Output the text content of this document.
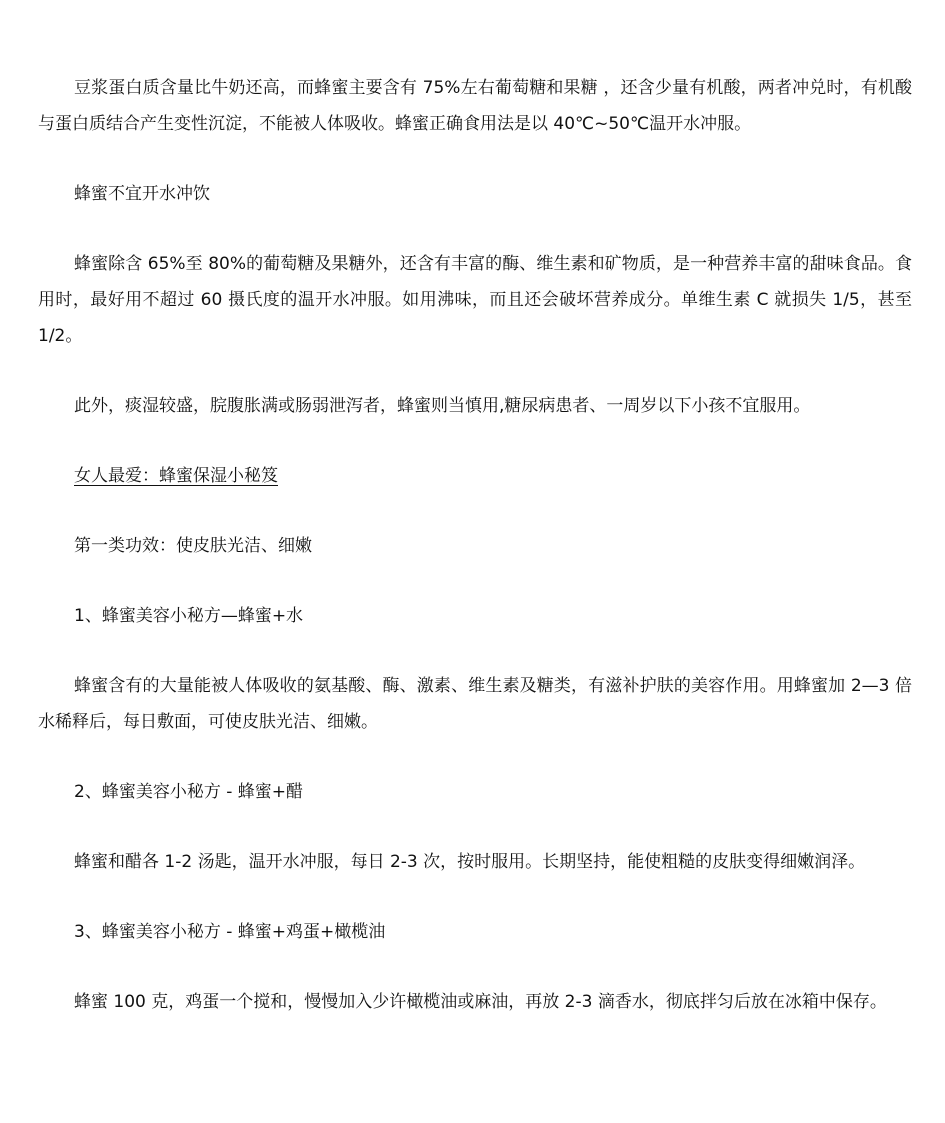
豆浆蛋白质含量比牛奶还高，而蜂蜜主要含有 75%左右葡萄糖和果糖 ，还含少量有机酸，两者冲兑时，有机酸与蛋白质结合产生变性沉淀，不能被人体吸收。蜂蜜正确食用法是以 40℃~50℃温开水冲服。

蜂蜜不宜开水冲饮

蜂蜜除含 65%至 80%的葡萄糖及果糖外，还含有丰富的酶、维生素和矿物质，是一种营养丰富的甜味食品。食用时，最好用不超过 60 摄氏度的温开水冲服。如用沸味，而且还会破坏营养成分。单维生素 C 就损失 1/5，甚至 1/2。

此外，痰湿较盛，脘腹胀满或肠弱泄泻者，蜂蜜则当慎用,糖尿病患者、一周岁以下小孩不宜服用。

女人最爱：蜂蜜保湿小秘笈

第一类功效：使皮肤光洁、细嫩

1、蜂蜜美容小秘方—蜂蜜+水

蜂蜜含有的大量能被人体吸收的氨基酸、酶、激素、维生素及糖类，有滋补护肤的美容作用。用蜂蜜加 2—3 倍水稀释后，每日敷面，可使皮肤光洁、细嫩。

2、蜂蜜美容小秘方 - 蜂蜜+醋

蜂蜜和醋各 1-2 汤匙，温开水冲服，每日 2-3 次，按时服用。长期坚持，能使粗糙的皮肤变得细嫩润泽。

3、蜂蜜美容小秘方 - 蜂蜜+鸡蛋+橄榄油

蜂蜜 100 克，鸡蛋一个搅和，慢慢加入少许橄榄油或麻油，再放 2-3 滴香水，彻底拌匀后放在冰箱中保存。
